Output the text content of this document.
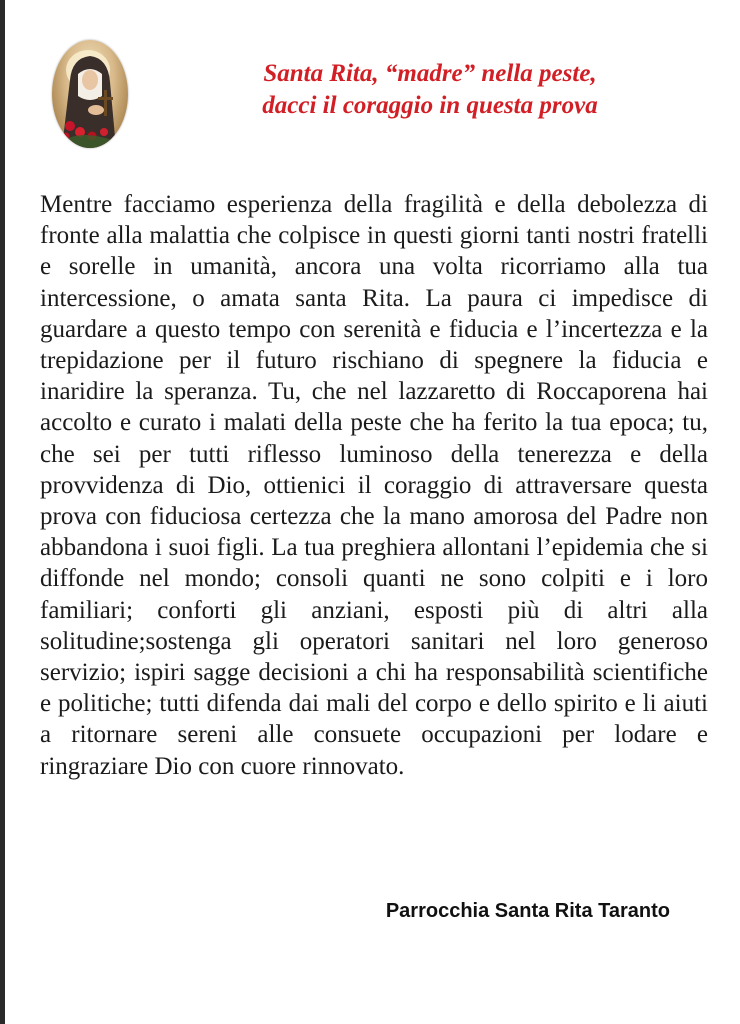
Santa Rita, “madre” nella peste,
dacci il coraggio in questa prova

Mentre facciamo esperienza della fragilità e della debolezza di fronte alla malattia che colpisce in questi giorni tanti nostri fratelli e sorelle in umanità, ancora una volta ricorriamo alla tua intercessione, o amata santa Rita. La paura ci impedisce di guardare a questo tempo con serenità e fiducia e l’incertezza e la trepidazione per il futuro rischiano di spegnere la fiducia e inaridire la speranza. Tu, che nel lazzaretto di Roccaporena hai accolto e curato i malati della peste che ha ferito la tua epoca; tu, che sei per tutti riflesso luminoso della tenerezza e della provvidenza di Dio, ottienici il coraggio di attraversare questa prova con fiduciosa certezza che la mano amorosa del Padre non abbandona i suoi figli. La tua preghiera allontani l’epidemia che si diffonde nel mondo; consoli quanti ne sono colpiti e i loro familiari; conforti gli anziani, esposti più di altri alla solitudine;sostenga gli operatori sanitari nel loro generoso servizio; ispiri sagge decisioni a chi ha responsabilità scientifiche e politiche; tutti difenda dai mali del corpo e dello spirito e li aiuti a ritornare sereni alle consuete occupazioni per lodare e ringraziare Dio con cuore rinnovato.

Parrocchia Santa Rita Taranto
